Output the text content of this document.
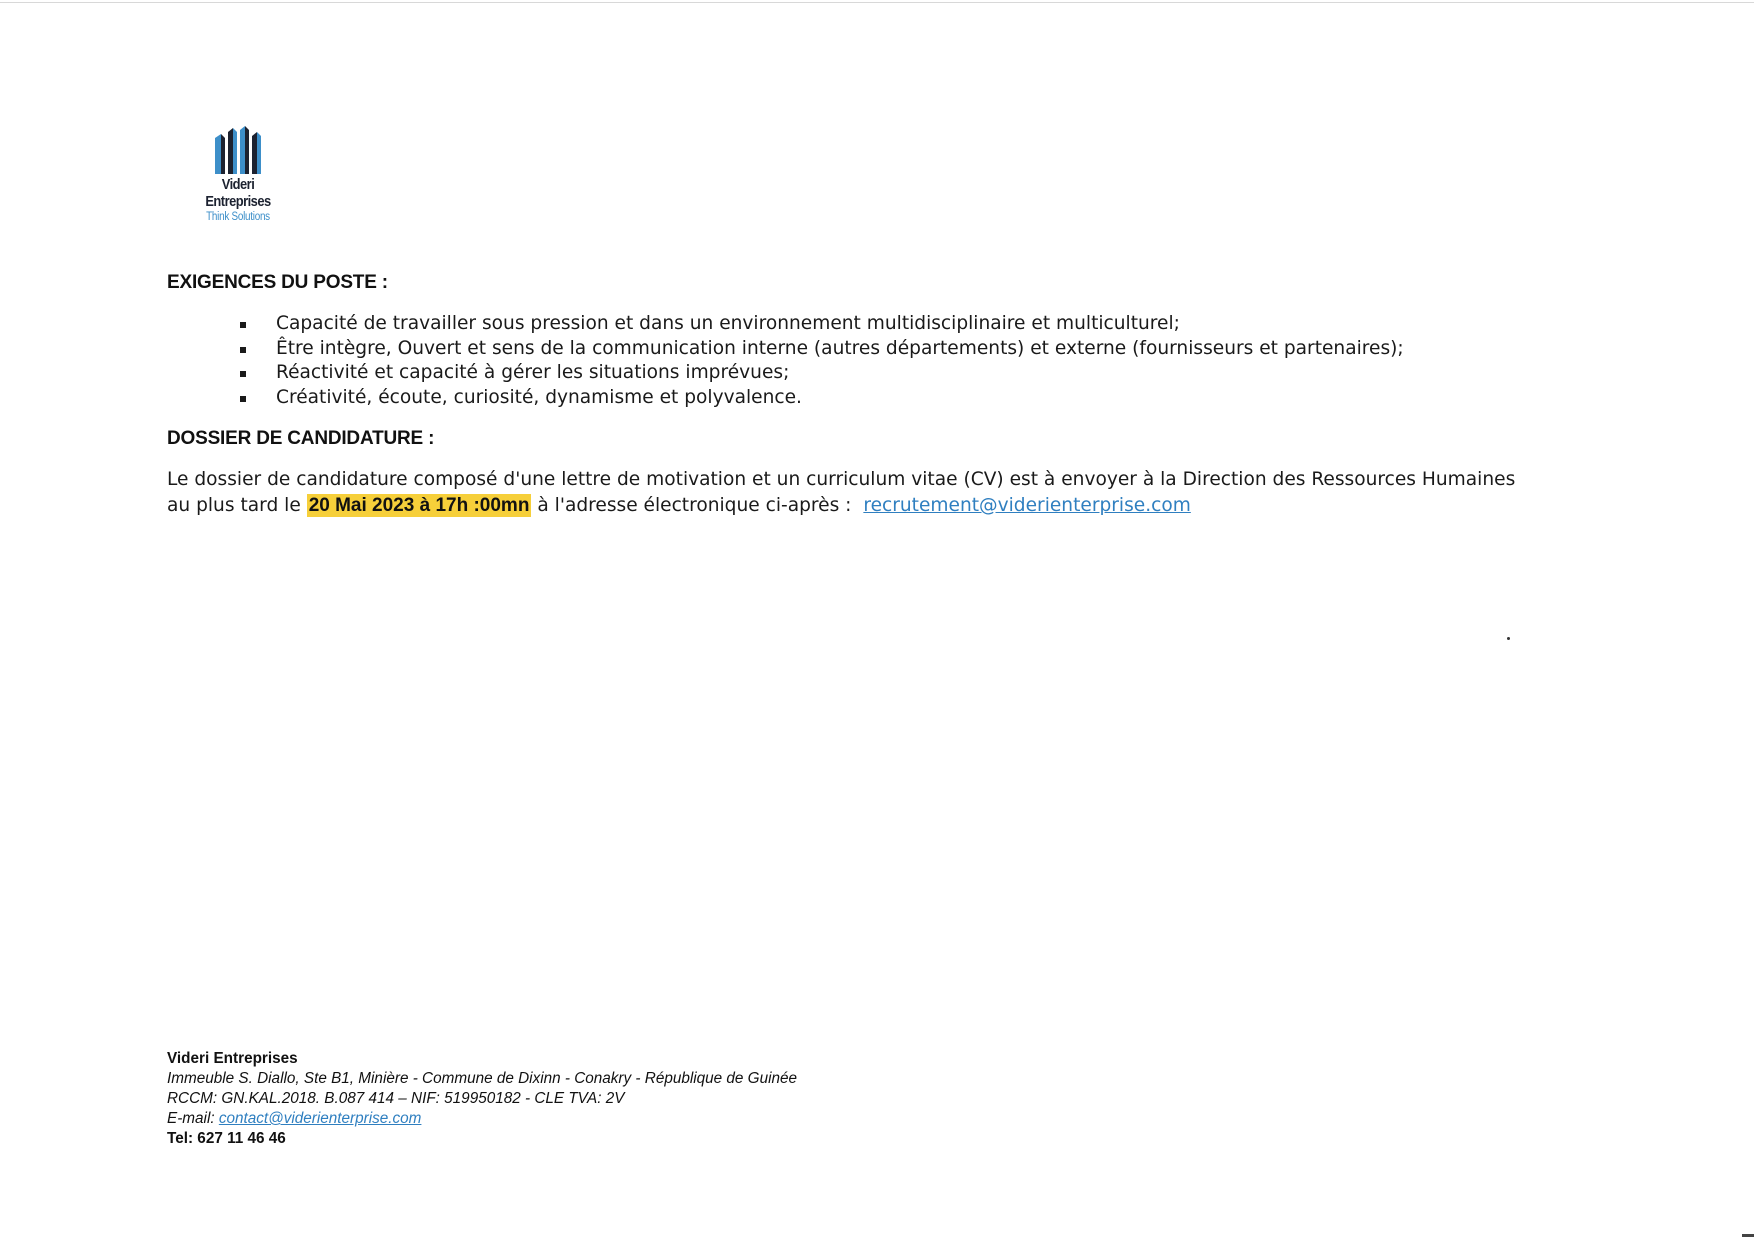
Videri Entreprises
Think Solutions
EXIGENCES DU POSTE :
Capacité de travailler sous pression et dans un environnement multidisciplinaire et multiculturel;
Être intègre, Ouvert et sens de la communication interne (autres départements) et externe (fournisseurs et partenaires);
Réactivité et capacité à gérer les situations imprévues;
Créativité, écoute, curiosité, dynamisme et polyvalence.
DOSSIER DE CANDIDATURE :
Le dossier de candidature composé d'une lettre de motivation et un curriculum vitae (CV) est à envoyer à la Direction des Ressources Humaines
au plus tard le 20 Mai 2023 à 17h :00mn à l'adresse électronique ci-après : recrutement@viderienterprise.com
Videri Entreprises
Immeuble S. Diallo, Ste B1, Minière - Commune de Dixinn - Conakry - République de Guinée
RCCM: GN.KAL.2018. B.087 414 – NIF: 519950182 - CLE TVA: 2V
E-mail: contact@viderienterprise.com
Tel: 627 11 46 46
